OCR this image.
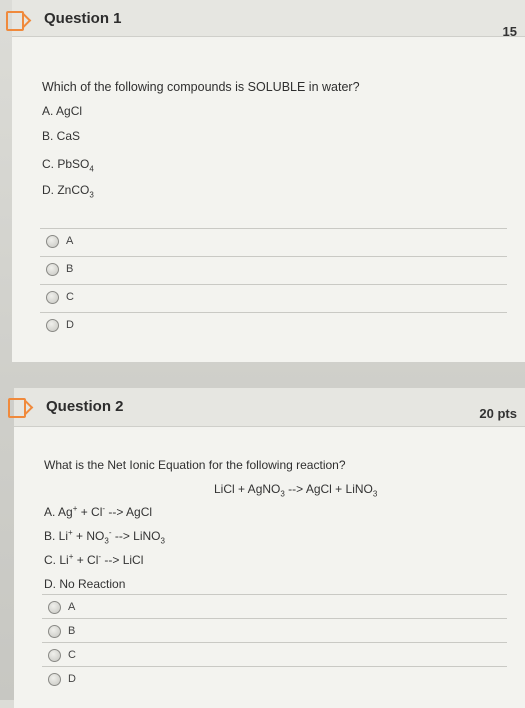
Question 1
15
Which of the following compounds is SOLUBLE in water?
A. AgCl
B. CaS
C. PbSO$_4$
D. ZnCO$_3$
A
B
C
D
Question 2	20 pts
What is the Net Ionic Equation for the following reaction?
LiCl + AgNO$_3$ --> AgCl + LiNO$_3$
A. Ag+ + Cl- --> AgCl
B. $Li^+ + NO_3^-$ --> LiNO$_3$
C. Li+ + Cl- --> LiCl
D. No Reaction
A
B
C
D
